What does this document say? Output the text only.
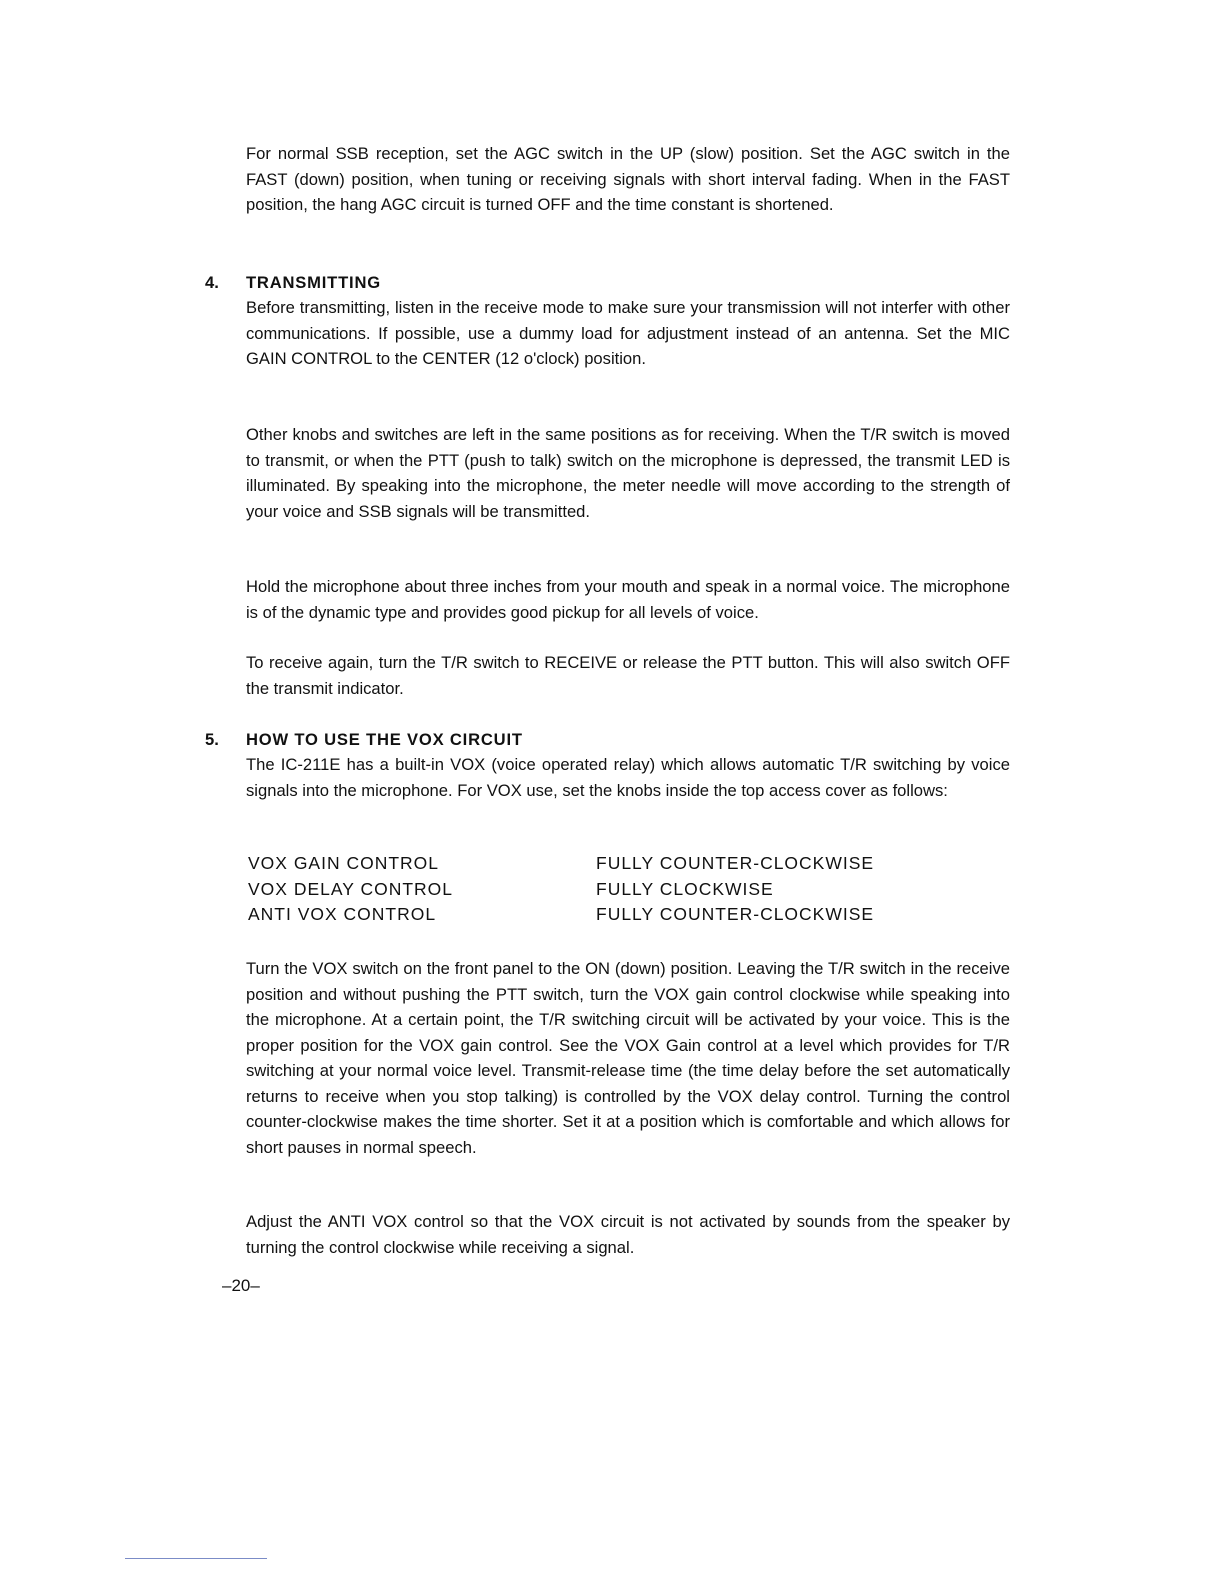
For normal SSB reception, set the AGC switch in the UP (slow) position. Set the AGC switch in the FAST (down) position, when tuning or receiving signals with short interval fading. When in the FAST position, the hang AGC circuit is turned OFF and the time constant is shortened.

4. TRANSMITTING

Before transmitting, listen in the receive mode to make sure your transmission will not interfer with other communications. If possible, use a dummy load for adjustment instead of an antenna. Set the MIC GAIN CONTROL to the CENTER (12 o'clock) position.

Other knobs and switches are left in the same positions as for receiving. When the T/R switch is moved to transmit, or when the PTT (push to talk) switch on the microphone is depressed, the transmit LED is illuminated. By speaking into the microphone, the meter needle will move according to the strength of your voice and SSB signals will be transmitted.

Hold the microphone about three inches from your mouth and speak in a normal voice. The microphone is of the dynamic type and provides good pickup for all levels of voice.

To receive again, turn the T/R switch to RECEIVE or release the PTT button. This will also switch OFF the transmit indicator.

5. HOW TO USE THE VOX CIRCUIT

The IC-211E has a built-in VOX (voice operated relay) which allows automatic T/R switching by voice signals into the microphone. For VOX use, set the knobs inside the top access cover as follows:

VOX GAIN CONTROL	FULLY COUNTER-CLOCKWISE
VOX DELAY CONTROL	FULLY CLOCKWISE
ANTI VOX CONTROL	FULLY COUNTER-CLOCKWISE

Turn the VOX switch on the front panel to the ON (down) position. Leaving the T/R switch in the receive position and without pushing the PTT switch, turn the VOX gain control clockwise while speaking into the microphone. At a certain point, the T/R switching circuit will be activated by your voice. This is the proper position for the VOX gain control. See the VOX Gain control at a level which provides for T/R switching at your normal voice level. Transmit-release time (the time delay before the set automatically returns to receive when you stop talking) is controlled by the VOX delay control. Turning the control counter-clockwise makes the time shorter. Set it at a position which is comfortable and which allows for short pauses in normal speech.

Adjust the ANTI VOX control so that the VOX circuit is not activated by sounds from the speaker by turning the control clockwise while receiving a signal.

–20–
